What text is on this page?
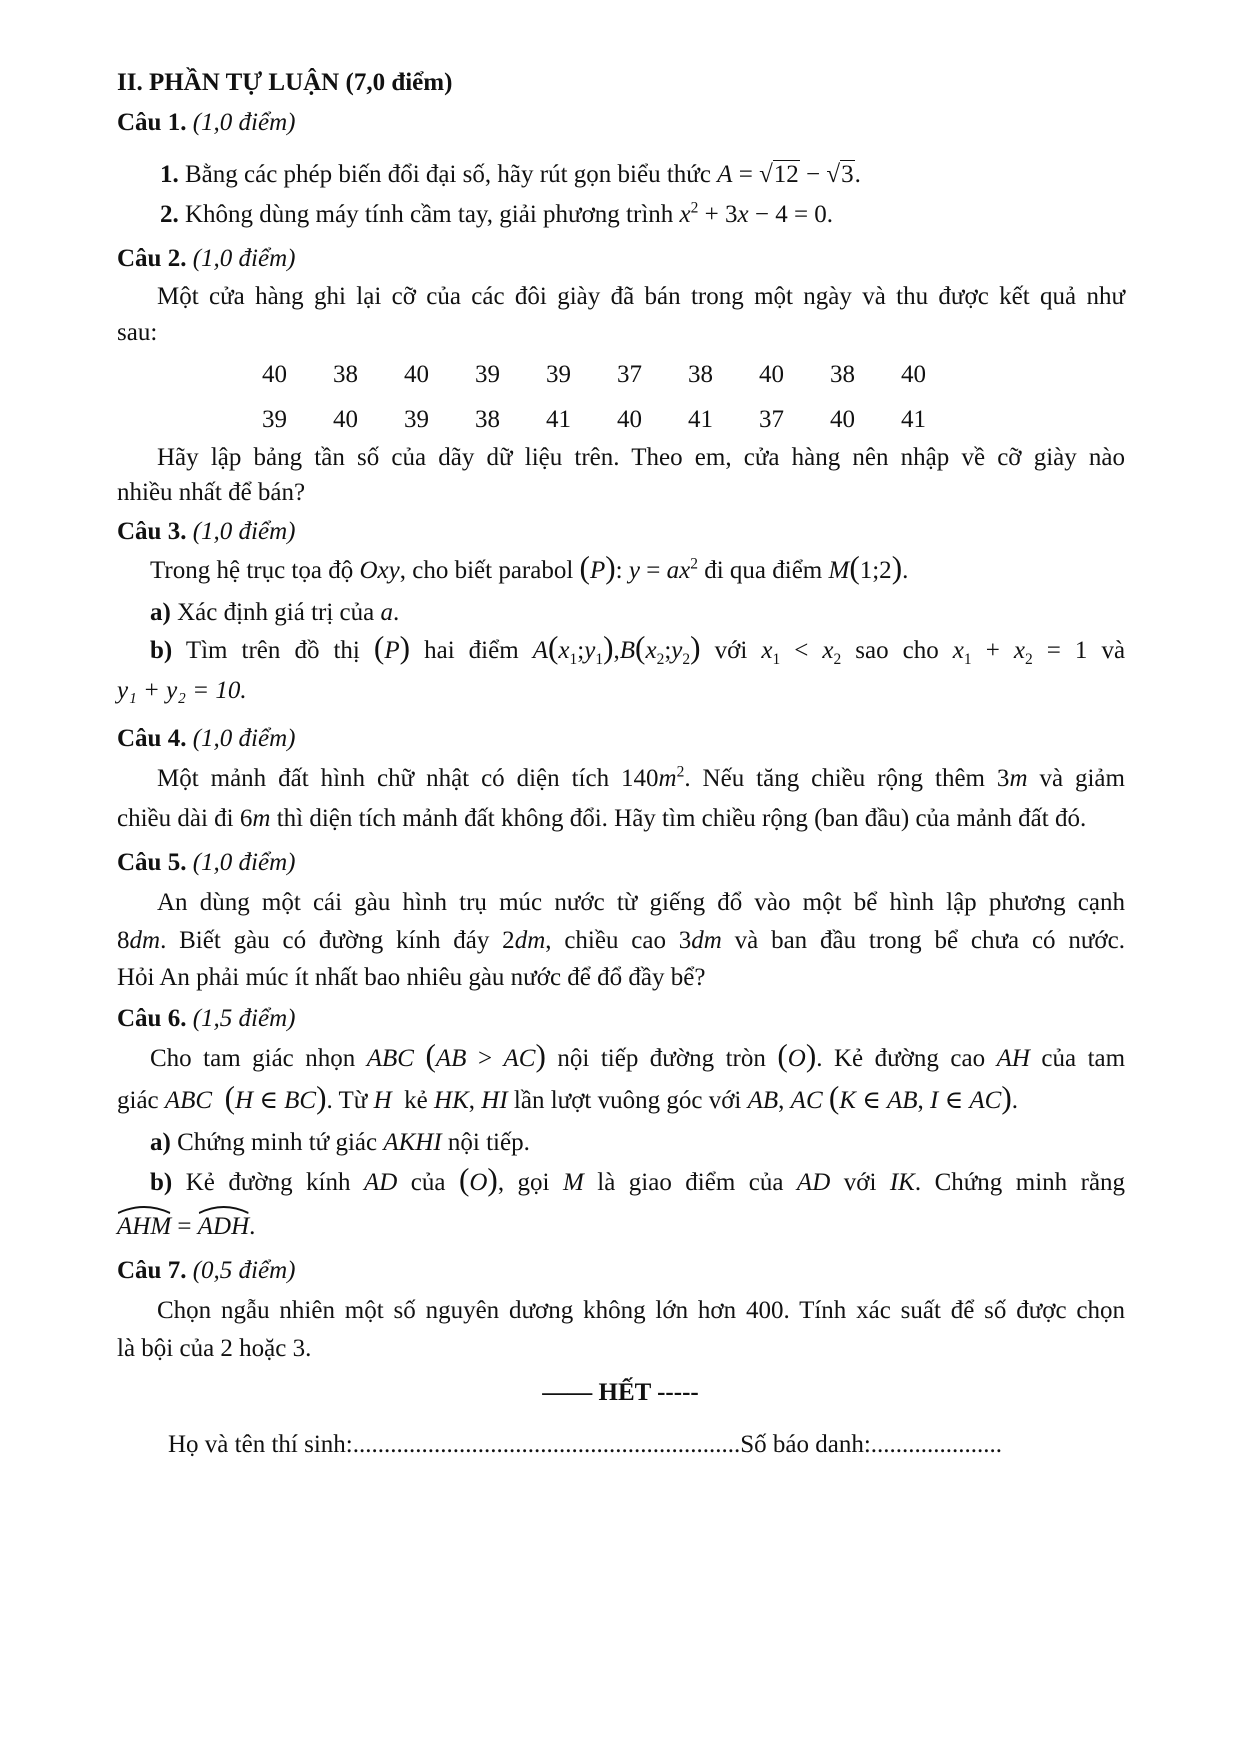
II. PHẦN TỰ LUẬN (7,0 điểm)
Câu 1. (1,0 điểm)
1. Bằng các phép biến đổi đại số, hãy rút gọn biểu thức A = √12 − √3.
2. Không dùng máy tính cầm tay, giải phương trình $x^2 + 3x - 4 = 0$.
Câu 2. (1,0 điểm)
Một cửa hàng ghi lại cỡ của các đôi giày đã bán trong một ngày và thu được kết quả như
sau:
40	38	40	39	39	37	38	40	38	40
39	40	39	38	41	40	41	37	40	41
Hãy lập bảng tần số của dãy dữ liệu trên. Theo em, cửa hàng nên nhập về cỡ giày nào
nhiều nhất để bán?
Câu 3. (1,0 điểm)
Trong hệ trục tọa độ Oxy, cho biết parabol (P): $y = ax^2$ đi qua điểm M(1;2).
a) Xác định giá trị của a.
b) Tìm trên đồ thị (P) hai điểm $A(x_1;y_1),B(x_2;y_2)$ với $x_1 < x_2$ sao cho $x_1 + x_2 = 1$ và
y₁ + y₂ = 10.
Câu 4. (1,0 điểm)
Một mảnh đất hình chữ nhật có diện tích $140m^2$. Nếu tăng chiều rộng thêm 3m và giảm
chiều dài đi 6m thì diện tích mảnh đất không đổi. Hãy tìm chiều rộng (ban đầu) của mảnh đất đó.
Câu 5. (1,0 điểm)
An dùng một cái gàu hình trụ múc nước từ giếng đổ vào một bể hình lập phương cạnh
8dm. Biết gàu có đường kính đáy 2dm, chiều cao 3dm và ban đầu trong bể chưa có nước.
Hỏi An phải múc ít nhất bao nhiêu gàu nước để đổ đầy bể?
Câu 6. (1,5 điểm)
Cho tam giác nhọn ABC (AB > AC) nội tiếp đường tròn (O). Kẻ đường cao AH của tam
giác ABC (H ∈ BC). Từ H kẻ HK, HI lần lượt vuông góc với AB, AC (K ∈ AB, I ∈ AC).
a) Chứng minh tứ giác AKHI nội tiếp.
b) Kẻ đường kính AD của (O), gọi M là giao điểm của AD với IK. Chứng minh rằng
AHM =
ADH.
Câu 7. (0,5 điểm)
Chọn ngẫu nhiên một số nguyên dương không lớn hơn 400. Tính xác suất để số được chọn
là bội của 2 hoặc 3.
—— HẾT -----
Họ và tên thí sinh:..............................................................Số báo danh:.....................
